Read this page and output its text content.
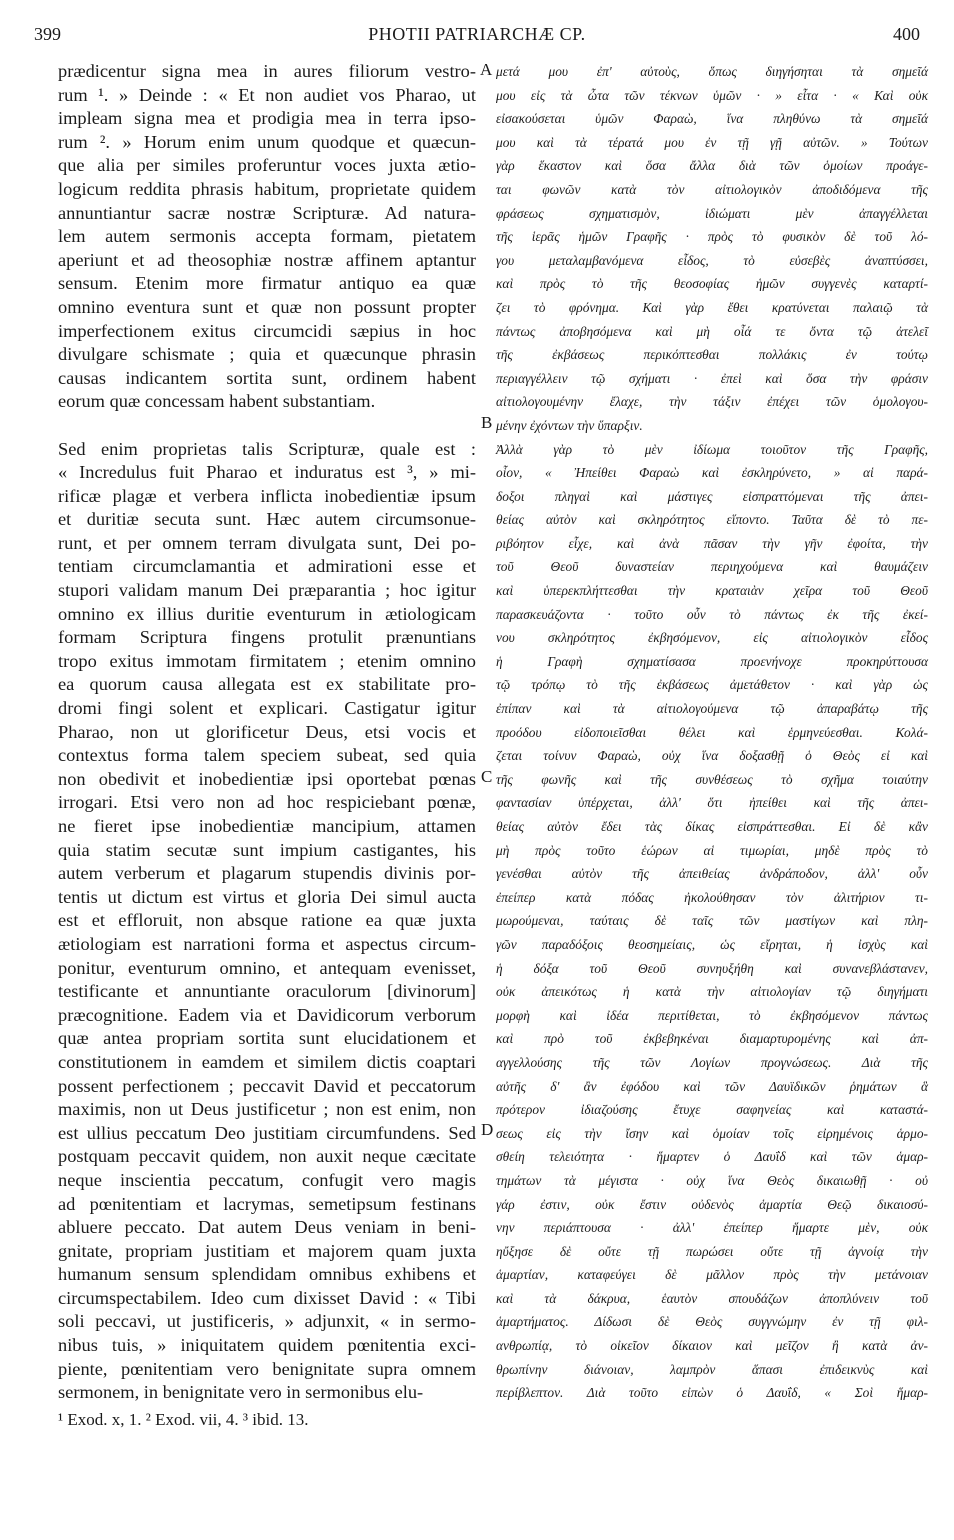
399	PHOTII PATRIARCHÆ CP.	400
prædicentur signa mea in aures filiorum vestro-
rum ¹. » Deinde : « Et non audiet vos Pharao, ut
impleam signa mea et prodigia mea in terra ipso-
rum ². » Horum enim unum quodque et quæcun-
que alia per similes proferuntur voces juxta ætio-
logicum reddita phrasis habitum, proprietate quidem
annuntiantur sacræ nostræ Scripturæ. Ad natura-
lem autem sermonis accepta formam, pietatem
aperiunt et ad theosophiæ nostræ affinem aptantur
sensum. Etenim more firmatur antiquo ea quæ
omnino eventura sunt et quæ non possunt propter
imperfectionem exitus circumcidi sæpius in hoc
divulgare schismate ; quia et quæcunque phrasin
causas indicantem sortita sunt, ordinem habent
eorum quæ concessam habent substantiam.
Sed enim proprietas talis Scripturæ, quale est :
« Incredulus fuit Pharao et induratus est ³, » mi-
rificæ plagæ et verbera inflicta inobedientiæ ipsum
et duritiæ secuta sunt. Hæc autem circumsonue-
runt, et per omnem terram divulgata sunt, Dei po-
tentiam circumclamantia et admirationi esse et
stupori validam manum Dei præparantia ; hoc igitur
omnino ex illius duritie eventurum in ætiologicam
formam Scriptura fingens protulit prænuntians
tropo exitus immotam firmitatem ; etenim omnino
ea quorum causa allegata est ex stabilitate pro-
dromi fingi solent et explicari. Castigatur igitur
Pharao, non ut glorificetur Deus, etsi vocis et
contextus forma talem speciem subeat, sed quia
non obedivit et inobedientiæ ipsi oportebat pœnas
irrogari. Etsi vero non ad hoc respiciebant pœnæ,
ne fieret ipse inobedientiæ mancipium, attamen
quia statim secutæ sunt impium castigantes, his
autem verberum et plagarum stupendis divinis por-
tentis ut dictum est virtus et gloria Dei simul aucta
est et effloruit, non absque ratione ea quæ juxta
ætiologiam est narrationi forma et aspectus circum-
ponitur, eventurum omnino, et antequam evenisset,
testificante et annuntiante oraculorum [divinorum]
præcognitione. Eadem via et Davidicorum verborum
quæ antea propriam sortita sunt elucidationem et
constitutionem in eamdem et similem dictis coaptari
possent perfectionem ; peccavit David et peccatorum
maximis, non ut Deus justificetur ; non est enim, non
est ullius peccatum Deo justitiam circumfundens. Sed
postquam peccavit quidem, non auxit neque cæcitate
neque inscientia peccatum, confugit vero magis
ad pœnitentiam et lacrymas, semetipsum festinans
abluere peccato. Dat autem Deus veniam in beni-
gnitate, propriam justitiam et majorem quam juxta
humanum sensum splendidam omnibus exhibens et
circumspectabilem. Ideo cum dixisset David : « Tibi
soli peccavi, ut justificeris, » adjunxit, « in sermo-
nibus tuis, » iniquitatem quidem pœnitentia exci-
piente, pœnitentiam vero benignitate supra omnem
sermonem, in benignitate vero in sermonibus elu-
μετά μου ἐπ' αὐτοὺς, ὅπως διηγήσηται τὰ σημεῖά
μου εἰς τὰ ὦτα τῶν τέκνων ὑμῶν · » εἶτα · « Καὶ οὐκ
εἰσακούσεται ὑμῶν Φαραὼ, ἵνα πληθύνω τὰ σημεῖά
μου καὶ τὰ τέρατά μου ἐν τῇ γῇ αὐτῶν. » Τούτων
γὰρ ἕκαστον καὶ ὅσα ἄλλα διὰ τῶν ὁμοίων προάγε-
ται φωνῶν κατὰ τὸν αἰτιολογικὸν ἀποδιδόμενα τῆς
φράσεως σχηματισμὸν, ἰδιώματι μὲν ἀπαγγέλλεται
τῆς ἱερᾶς ἡμῶν Γραφῆς · πρὸς τὸ φυσικὸν δὲ τοῦ λό-
γου μεταλαμβανόμενα εἶδος, τὸ εὐσεβὲς ἀναπτύσσει,
καὶ πρὸς τὸ τῆς θεοσοφίας ἡμῶν συγγενὲς καταρτί-
ζει τὸ φρόνημα. Καὶ γὰρ ἔθει κρατύνεται παλαιῷ τὰ
πάντως ἀποβησόμενα καὶ μὴ οἷά τε ὄντα τῷ ἀτελεῖ
τῆς ἐκβάσεως περικόπτεσθαι πολλάκις ἐν τούτῳ
περιαγγέλλειν τῷ σχήματι · ἐπεὶ καὶ ὅσα τὴν φράσιν
αἰτιολογουμένην ἔλαχε, τὴν τάξιν ἐπέχει τῶν ὁμολογου-
μένην ἐχόντων τὴν ὕπαρξιν.
Ἀλλὰ γὰρ τὸ μὲν ἰδίωμα τοιοῦτον τῆς Γραφῆς,
οἷον, « Ἠπείθει Φαραὼ καὶ ἐσκληρύνετο, » αἱ παρά-
δοξοι πληγαὶ καὶ μάστιγες εἰσπραττόμεναι τῆς ἀπει-
θείας αὐτὸν καὶ σκληρότητος εἵποντο. Ταῦτα δὲ τὸ πε-
ριβόητον εἶχε, καὶ ἀνὰ πᾶσαν τὴν γῆν ἐφοίτα, τὴν
τοῦ Θεοῦ δυναστείαν περιηχούμενα καὶ θαυμάζειν
καὶ ὑπερεκπλήττεσθαι τὴν κραταιὰν χεῖρα τοῦ Θεοῦ
παρασκευάζοντα · τοῦτο οὖν τὸ πάντως ἐκ τῆς ἐκεί-
νου σκληρότητος ἐκβησόμενον, εἰς αἰτιολογικὸν εἶδος
ἡ Γραφὴ σχηματίσασα προενήνοχε προκηρύττουσα
τῷ τρόπῳ τὸ τῆς ἐκβάσεως ἀμετάθετον · καὶ γὰρ ὡς
ἐπίπαν καὶ τὰ αἰτιολογούμενα τῷ ἀπαραβάτῳ τῆς
προόδου εἰδοποιεῖσθαι θέλει καὶ ἑρμηνεύεσθαι. Κολά-
ζεται τοίνυν Φαραὼ, οὐχ ἵνα δοξασθῇ ὁ Θεὸς εἰ καὶ
τῆς φωνῆς καὶ τῆς συνθέσεως τὸ σχῆμα τοιαύτην
φαντασίαν ὑπέρχεται, ἀλλ' ὅτι ἠπείθει καὶ τῆς ἀπει-
θείας αὐτὸν ἔδει τὰς δίκας εἰσπράττεσθαι. Εἰ δὲ κἂν
μὴ πρὸς τοῦτο ἑώρων αἱ τιμωρίαι, μηδὲ πρὸς τὸ
γενέσθαι αὐτὸν τῆς ἀπειθείας ἀνδράποδον, ἀλλ' οὖν
ἐπείπερ κατὰ πόδας ἠκολούθησαν τὸν ἀλιτήριον τι-
μωρούμεναι, ταύταις δὲ ταῖς τῶν μαστίγων καὶ πλη-
γῶν παραδόξοις θεοσημείαις, ὡς εἴρηται, ἡ ἰσχὺς καὶ
ἡ δόξα τοῦ Θεοῦ συνηυξήθη καὶ συνανεβλάστανεν,
οὐκ ἀπεικότως ἡ κατὰ τὴν αἰτιολογίαν τῷ διηγήματι
μορφὴ καὶ ἰδέα περιτίθεται, τὸ ἐκβησόμενον πάντως
καὶ πρὸ τοῦ ἐκβεβηκέναι διαμαρτυρομένης καὶ ἀπ-
αγγελλούσης τῆς τῶν Λογίων προγνώσεως. Διὰ τῆς
αὐτῆς δ' ἂν ἐφόδου καὶ τῶν Δαυϊδικῶν ῥημάτων ἃ
πρότερον ἰδιαζούσης ἔτυχε σαφηνείας καὶ καταστά-
σεως εἰς τὴν ἴσην καὶ ὁμοίαν τοῖς εἰρημένοις ἁρμο-
σθείη τελειότητα · ἥμαρτεν ὁ Δαυΐδ καὶ τῶν ἁμαρ-
τημάτων τὰ μέγιστα · οὐχ ἵνα Θεὸς δικαιωθῇ · οὐ
γάρ ἐστιν, οὐκ ἔστιν οὐδενὸς ἁμαρτία Θεῷ δικαιοσύ-
νην περιάπτουσα · ἀλλ' ἐπείπερ ἥμαρτε μὲν, οὐκ
ηὔξησε δὲ οὔτε τῇ πωρώσει οὔτε τῇ ἀγνοίᾳ τὴν
ἁμαρτίαν, καταφεύγει δὲ μᾶλλον πρὸς τὴν μετάνοιαν
καὶ τὰ δάκρυα, ἑαυτὸν σπουδάζων ἀποπλύνειν τοῦ
ἁμαρτήματος. Δίδωσι δὲ Θεὸς συγγνώμην ἐν τῇ φιλ-
ανθρωπίᾳ, τὸ οἰκεῖον δίκαιον καὶ μεῖζον ἢ κατὰ ἀν-
θρωπίνην διάνοιαν, λαμπρὸν ἅπασι ἐπιδεικνὺς καὶ
περίβλεπτον. Διὰ τοῦτο εἰπὼν ὁ Δαυΐδ, « Σοὶ ἥμαρ-
A
B
C
D
¹ Exod. x, 1. ² Exod. vii, 4. ³ ibid. 13.
